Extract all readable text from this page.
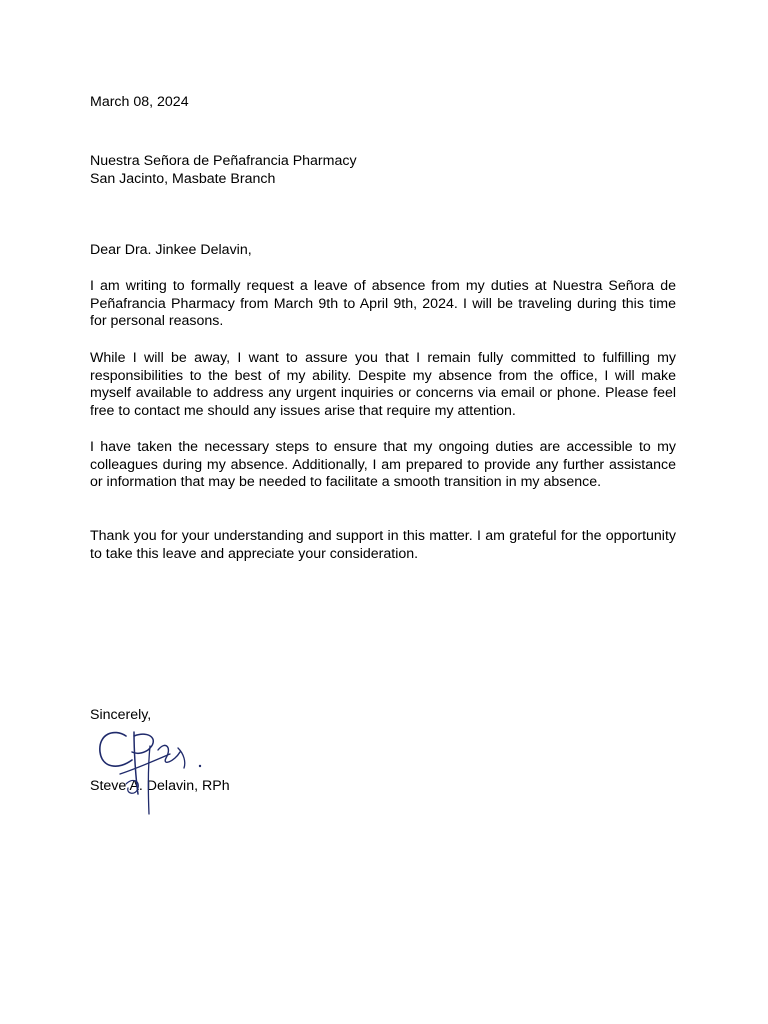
March 08, 2024
Nuestra Señora de Peñafrancia Pharmacy
San Jacinto, Masbate Branch
Dear Dra. Jinkee Delavin,
I am writing to formally request a leave of absence from my duties at Nuestra Señora de Peñafrancia Pharmacy from March 9th to April 9th, 2024. I will be traveling during this time for personal reasons.
While I will be away, I want to assure you that I remain fully committed to fulfilling my responsibilities to the best of my ability. Despite my absence from the office, I will make myself available to address any urgent inquiries or concerns via email or phone. Please feel free to contact me should any issues arise that require my attention.
I have taken the necessary steps to ensure that my ongoing duties are accessible to my colleagues during my absence. Additionally, I am prepared to provide any further assistance or information that may be needed to facilitate a smooth transition in my absence.
Thank you for your understanding and support in this matter. I am grateful for the opportunity to take this leave and appreciate your consideration.
Sincerely,
Steve A. Delavin, RPh
